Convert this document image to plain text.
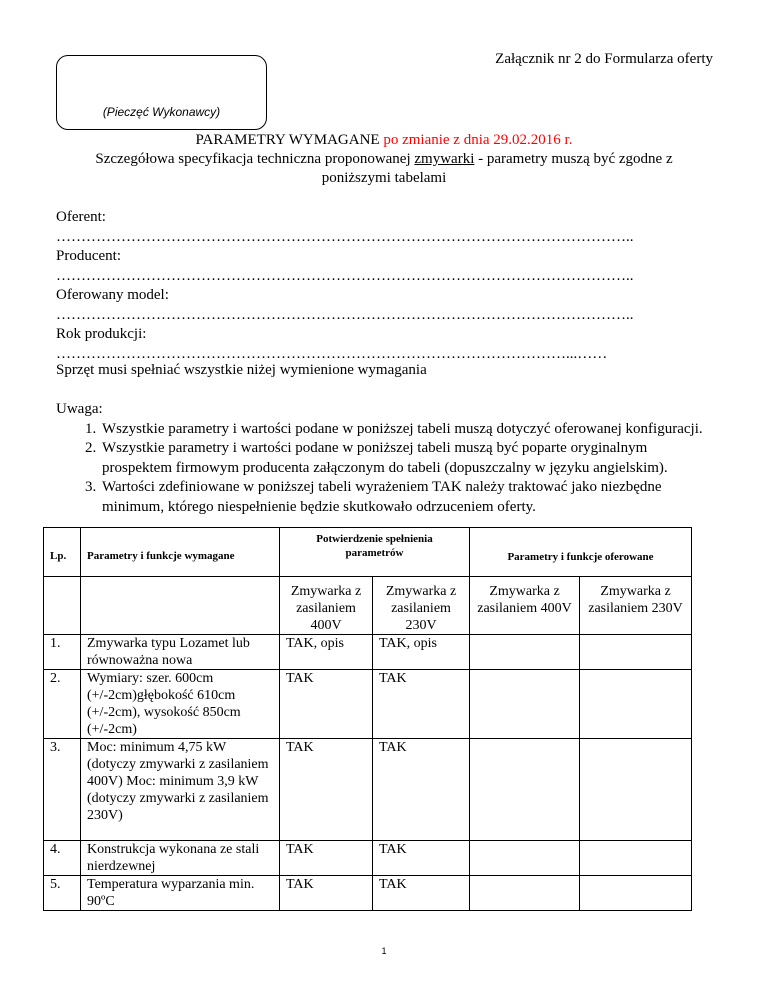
Załącznik nr 2 do Formularza oferty
(Pieczęć Wykonawcy)
PARAMETRY WYMAGANE po zmianie z dnia 29.02.2016 r.
Szczegółowa specyfikacja techniczna proponowanej zmywarki - parametry muszą być zgodne z
poniższymi tabelami
Oferent:
……………………………………………………………………………………………………..
Producent:
……………………………………………………………………………………………………..
Oferowany model:
……………………………………………………………………………………………………..
Rok produkcji:
…………………………………………………………………………………………...……
Sprzęt musi spełniać wszystkie niżej wymienione wymagania
Uwaga:
1. Wszystkie parametry i wartości podane w poniższej tabeli muszą dotyczyć oferowanej konfiguracji.
2. Wszystkie parametry i wartości podane w poniższej tabeli muszą być poparte oryginalnym prospektem firmowym producenta załączonym do tabeli (dopuszczalny w języku angielskim).
3. Wartości zdefiniowane w poniższej tabeli wyrażeniem TAK należy traktować jako niezbędne minimum, którego niespełnienie będzie skutkowało odrzuceniem oferty.
Lp.	Parametry i funkcje wymagane	Potwierdzenie spełnienia parametrów		Parametry i funkcje oferowane	
		Zmywarka z zasilaniem 400V	Zmywarka z zasilaniem 230V	Zmywarka z zasilaniem 400V	Zmywarka z zasilaniem 230V
1.	Zmywarka typu Lozamet lub równoważna nowa	TAK, opis	TAK, opis		
2.	Wymiary: szer. 600cm (+/-2cm)głębokość 610cm (+/-2cm), wysokość 850cm (+/-2cm)	TAK	TAK		
3.	Moc: minimum 4,75 kW (dotyczy zmywarki z zasilaniem 400V) Moc: minimum 3,9 kW (dotyczy zmywarki z zasilaniem 230V)	TAK	TAK		
4.	Konstrukcja wykonana ze stali nierdzewnej	TAK	TAK		
5.	Temperatura wyparzania min. 90ºC	TAK	TAK		
1
